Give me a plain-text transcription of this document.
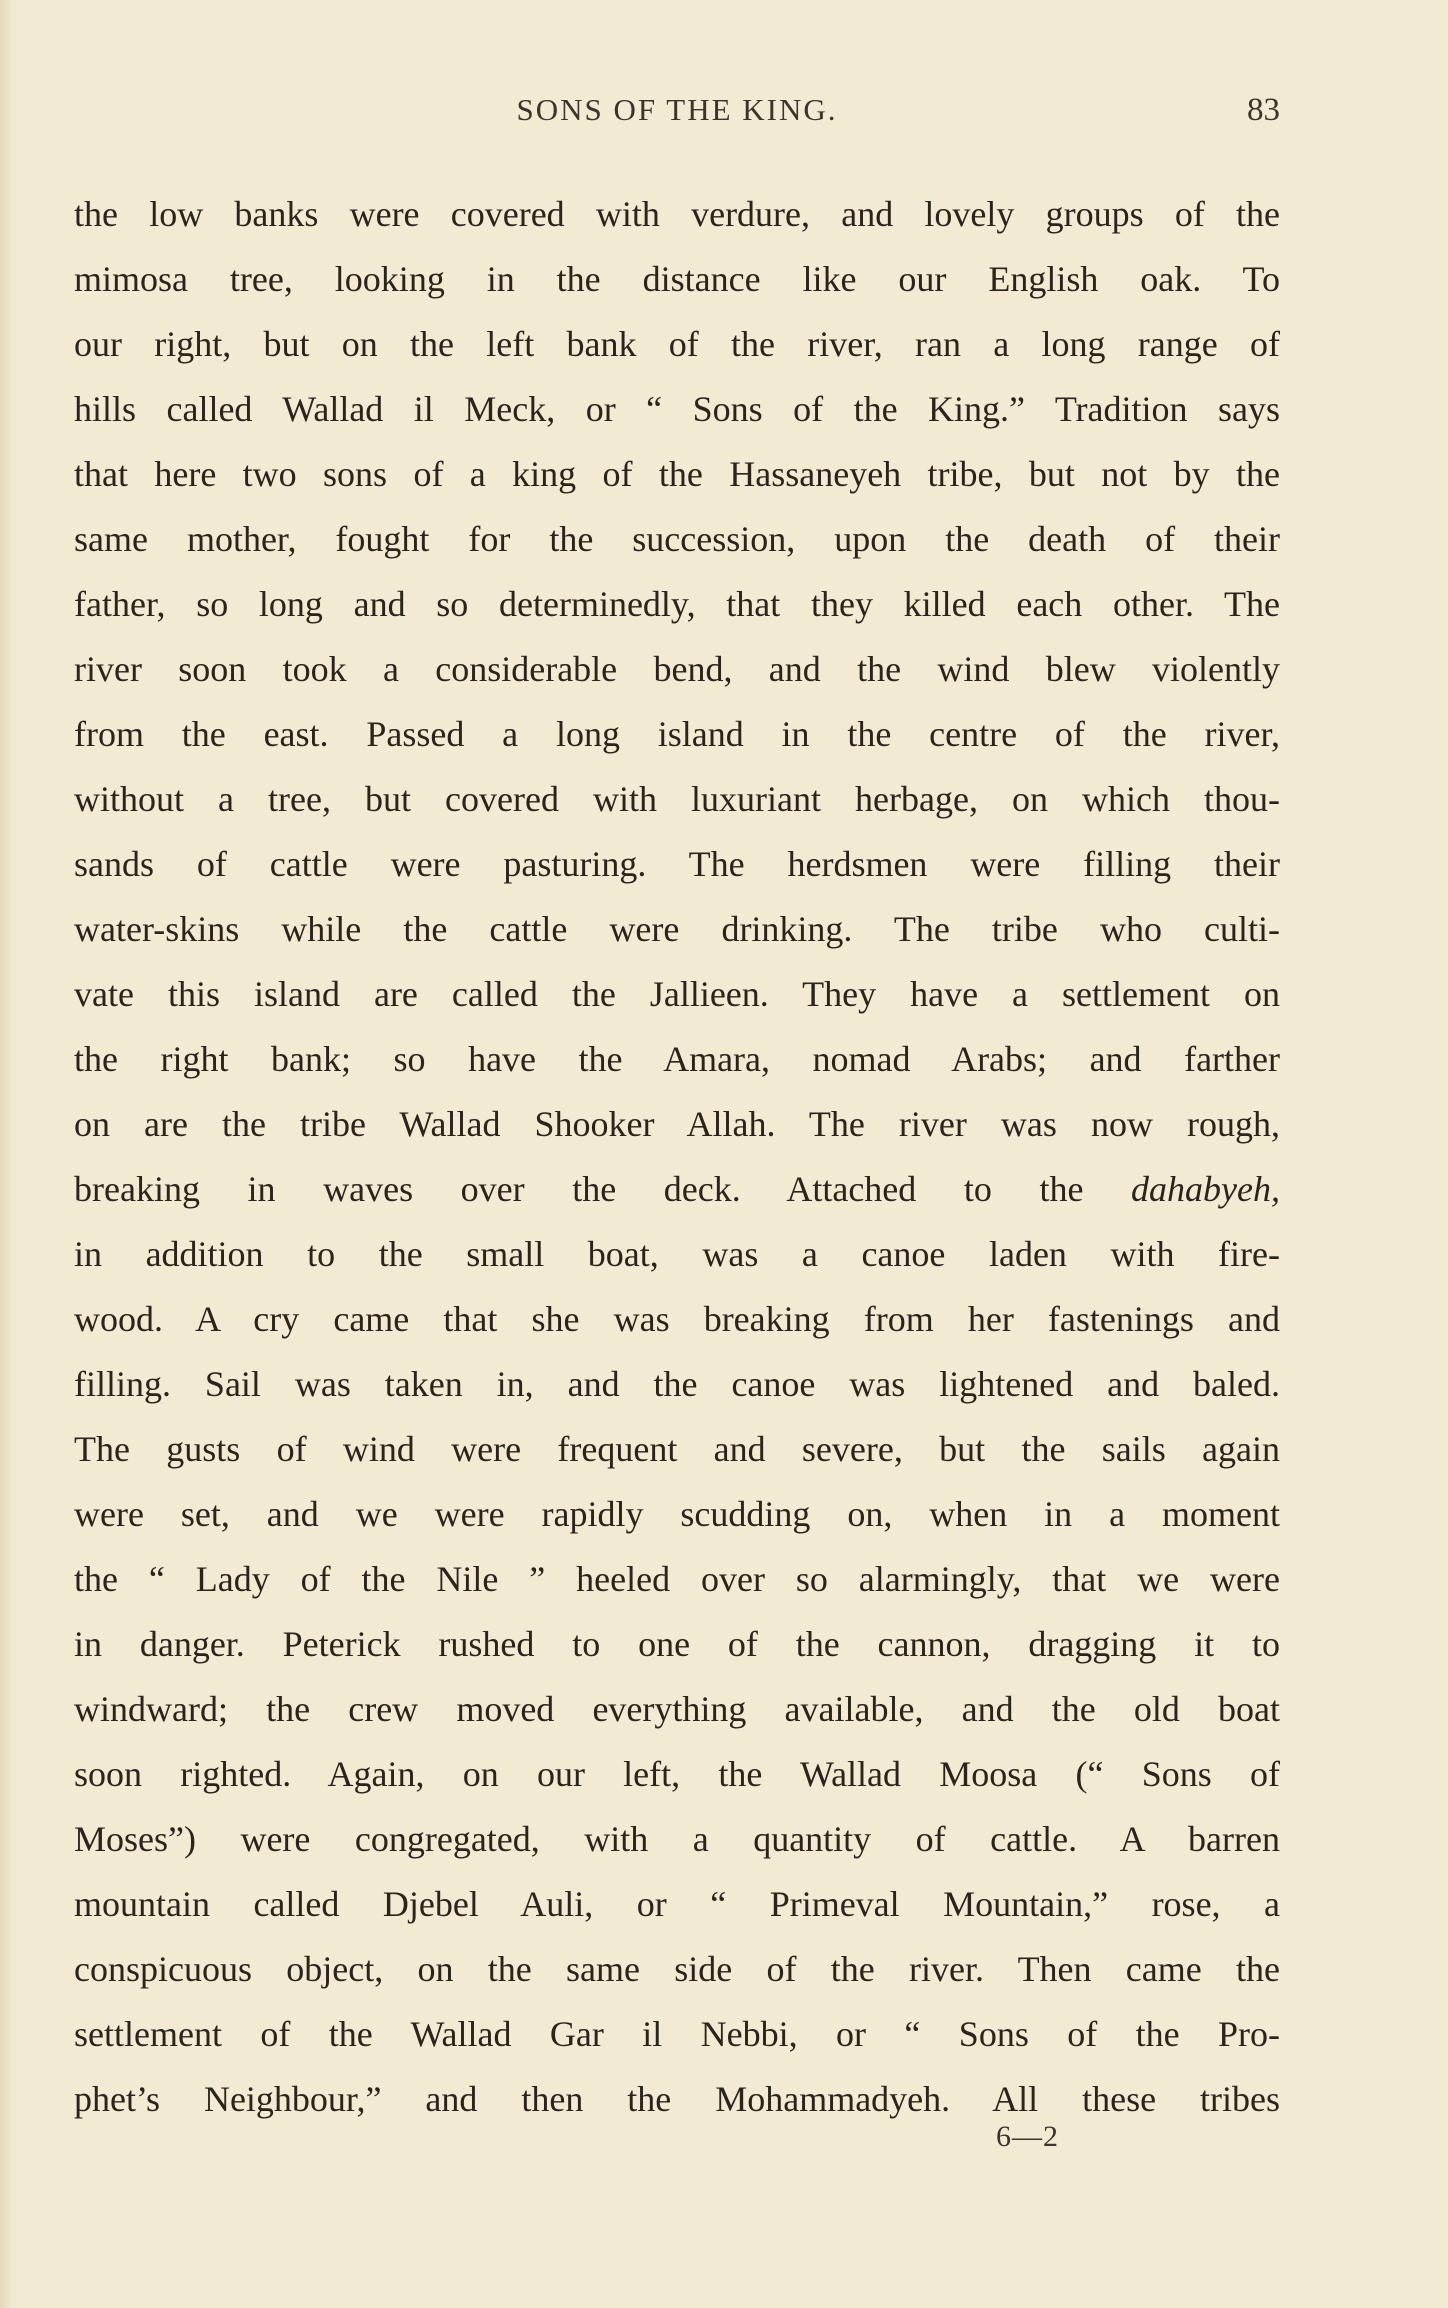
SONS OF THE KING.	83
the low banks were covered with verdure, and lovely groups of the
mimosa tree, looking in the distance like our English oak. To
our right, but on the left bank of the river, ran a long range of
hills called Wallad il Meck, or “ Sons of the King.” Tradition says
that here two sons of a king of the Hassaneyeh tribe, but not by the
same mother, fought for the succession, upon the death of their
father, so long and so determinedly, that they killed each other. The
river soon took a considerable bend, and the wind blew violently
from the east. Passed a long island in the centre of the river,
without a tree, but covered with luxuriant herbage, on which thou-
sands of cattle were pasturing. The herdsmen were filling their
water-skins while the cattle were drinking. The tribe who culti-
vate this island are called the Jallieen. They have a settlement on
the right bank; so have the Amara, nomad Arabs; and farther
on are the tribe Wallad Shooker Allah. The river was now rough,
breaking in waves over the deck. Attached to the dahabyeh,
in addition to the small boat, was a canoe laden with fire-
wood. A cry came that she was breaking from her fastenings and
filling. Sail was taken in, and the canoe was lightened and baled.
The gusts of wind were frequent and severe, but the sails again
were set, and we were rapidly scudding on, when in a moment
the “ Lady of the Nile ” heeled over so alarmingly, that we were
in danger. Peterick rushed to one of the cannon, dragging it to
windward; the crew moved everything available, and the old boat
soon righted. Again, on our left, the Wallad Moosa (“ Sons of
Moses”) were congregated, with a quantity of cattle. A barren
mountain called Djebel Auli, or “ Primeval Mountain,” rose, a
conspicuous object, on the same side of the river. Then came the
settlement of the Wallad Gar il Nebbi, or “ Sons of the Pro-
phet’s Neighbour,” and then the Mohammadyeh. All these tribes
6—2
